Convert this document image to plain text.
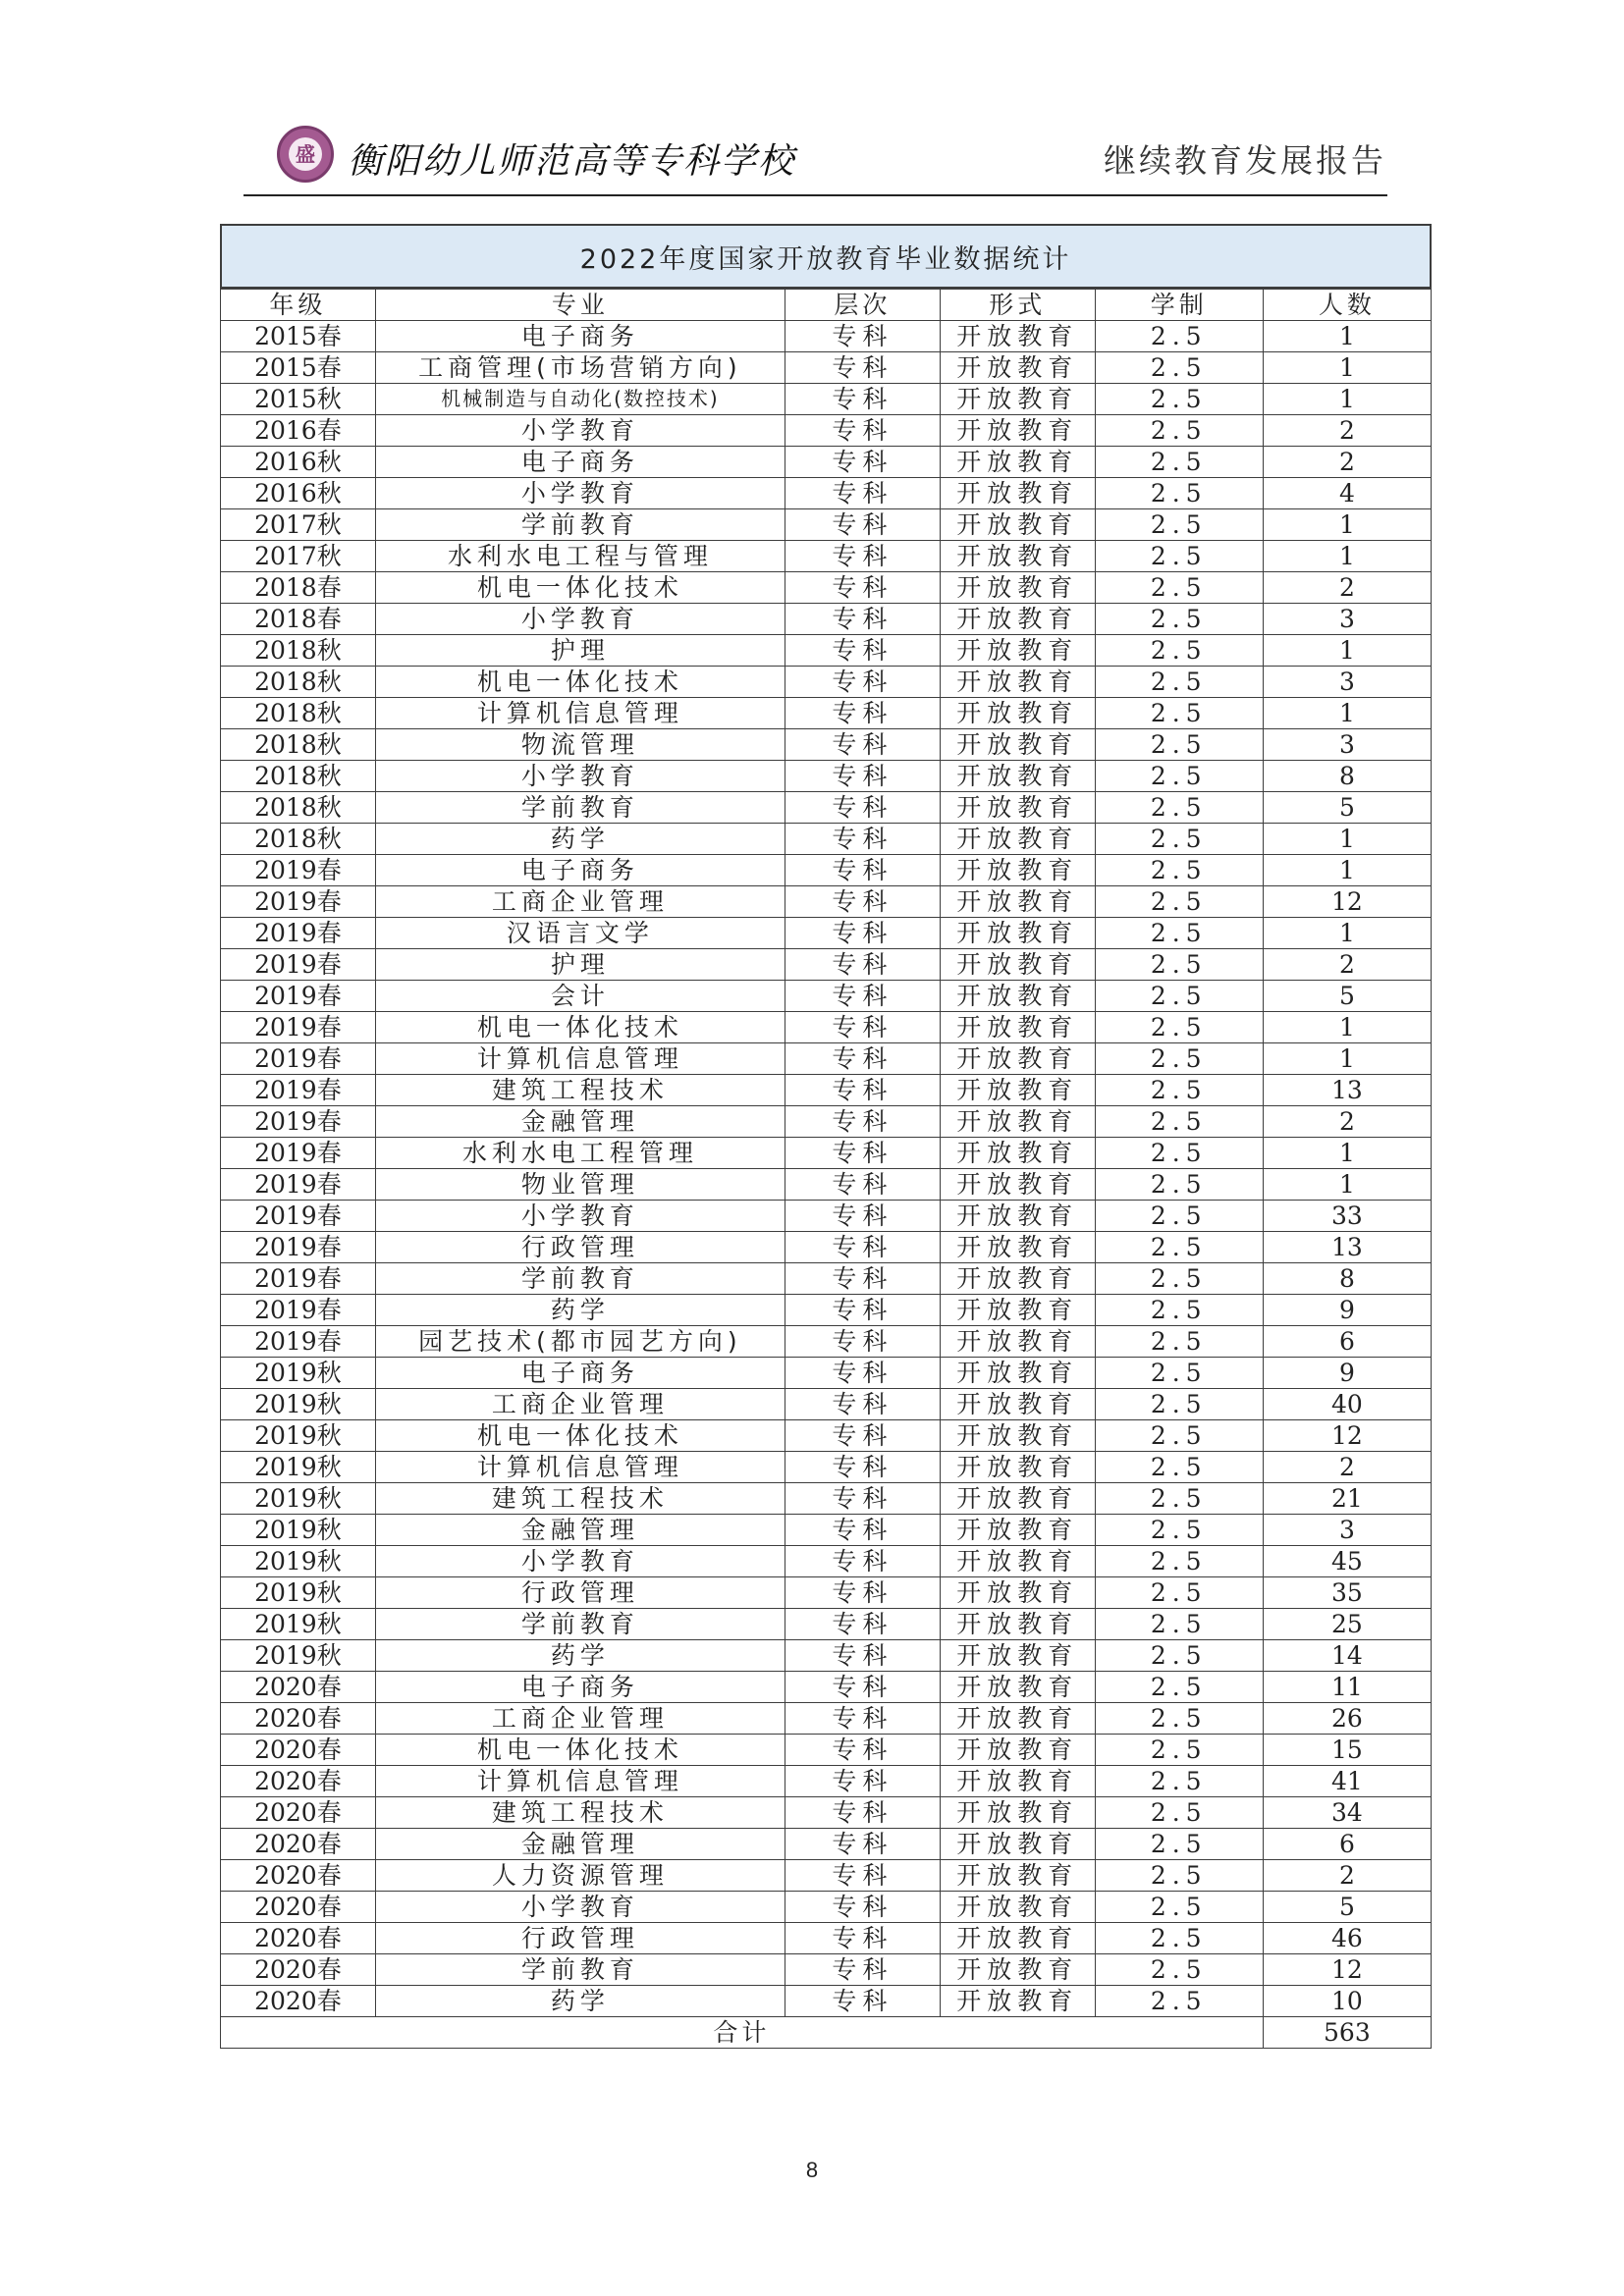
盛 衡阳幼儿师范高等专科学校	继续教育发展报告
2022年度国家开放教育毕业数据统计
年级	专业	层次	形式	学制	人数
2015春	电子商务	专科	开放教育	2.5	1
2015春	工商管理(市场营销方向)	专科	开放教育	2.5	1
2015秋	机械制造与自动化(数控技术)	专科	开放教育	2.5	1
2016春	小学教育	专科	开放教育	2.5	2
2016秋	电子商务	专科	开放教育	2.5	2
2016秋	小学教育	专科	开放教育	2.5	4
2017秋	学前教育	专科	开放教育	2.5	1
2017秋	水利水电工程与管理	专科	开放教育	2.5	1
2018春	机电一体化技术	专科	开放教育	2.5	2
2018春	小学教育	专科	开放教育	2.5	3
2018秋	护理	专科	开放教育	2.5	1
2018秋	机电一体化技术	专科	开放教育	2.5	3
2018秋	计算机信息管理	专科	开放教育	2.5	1
2018秋	物流管理	专科	开放教育	2.5	3
2018秋	小学教育	专科	开放教育	2.5	8
2018秋	学前教育	专科	开放教育	2.5	5
2018秋	药学	专科	开放教育	2.5	1
2019春	电子商务	专科	开放教育	2.5	1
2019春	工商企业管理	专科	开放教育	2.5	12
2019春	汉语言文学	专科	开放教育	2.5	1
2019春	护理	专科	开放教育	2.5	2
2019春	会计	专科	开放教育	2.5	5
2019春	机电一体化技术	专科	开放教育	2.5	1
2019春	计算机信息管理	专科	开放教育	2.5	1
2019春	建筑工程技术	专科	开放教育	2.5	13
2019春	金融管理	专科	开放教育	2.5	2
2019春	水利水电工程管理	专科	开放教育	2.5	1
2019春	物业管理	专科	开放教育	2.5	1
2019春	小学教育	专科	开放教育	2.5	33
2019春	行政管理	专科	开放教育	2.5	13
2019春	学前教育	专科	开放教育	2.5	8
2019春	药学	专科	开放教育	2.5	9
2019春	园艺技术(都市园艺方向)	专科	开放教育	2.5	6
2019秋	电子商务	专科	开放教育	2.5	9
2019秋	工商企业管理	专科	开放教育	2.5	40
2019秋	机电一体化技术	专科	开放教育	2.5	12
2019秋	计算机信息管理	专科	开放教育	2.5	2
2019秋	建筑工程技术	专科	开放教育	2.5	21
2019秋	金融管理	专科	开放教育	2.5	3
2019秋	小学教育	专科	开放教育	2.5	45
2019秋	行政管理	专科	开放教育	2.5	35
2019秋	学前教育	专科	开放教育	2.5	25
2019秋	药学	专科	开放教育	2.5	14
2020春	电子商务	专科	开放教育	2.5	11
2020春	工商企业管理	专科	开放教育	2.5	26
2020春	机电一体化技术	专科	开放教育	2.5	15
2020春	计算机信息管理	专科	开放教育	2.5	41
2020春	建筑工程技术	专科	开放教育	2.5	34
2020春	金融管理	专科	开放教育	2.5	6
2020春	人力资源管理	专科	开放教育	2.5	2
2020春	小学教育	专科	开放教育	2.5	5
2020春	行政管理	专科	开放教育	2.5	46
2020春	学前教育	专科	开放教育	2.5	12
2020春	药学	专科	开放教育	2.5	10
合计					563
8
